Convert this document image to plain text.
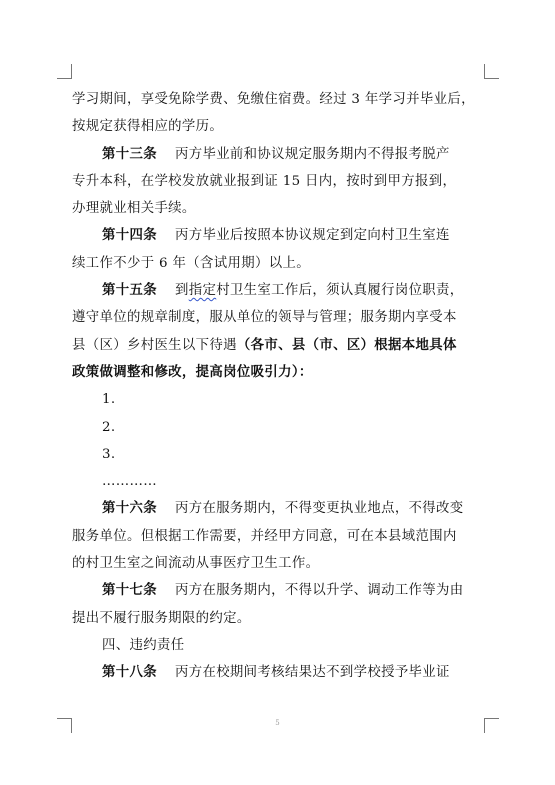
学习期间，享受免除学费、免缴住宿费。经过 3 年学习并毕业后，
按规定获得相应的学历。
第十三条 丙方毕业前和协议规定服务期内不得报考脱产
专升本科，在学校发放就业报到证 15 日内，按时到甲方报到，
办理就业相关手续。
第十四条 丙方毕业后按照本协议规定到定向村卫生室连
续工作不少于 6 年（含试用期）以上。
第十五条 到指定村卫生室工作后，须认真履行岗位职责，
遵守单位的规章制度，服从单位的领导与管理；服务期内享受本
县（区）乡村医生以下待遇（各市、县（市、区）根据本地具体
政策做调整和修改，提高岗位吸引力）：
1.
2.
3.
…………
第十六条 丙方在服务期内，不得变更执业地点，不得改变
服务单位。但根据工作需要，并经甲方同意，可在本县域范围内
的村卫生室之间流动从事医疗卫生工作。
第十七条 丙方在服务期内，不得以升学、调动工作等为由
提出不履行服务期限的约定。
四、违约责任
第十八条 丙方在校期间考核结果达不到学校授予毕业证
5
